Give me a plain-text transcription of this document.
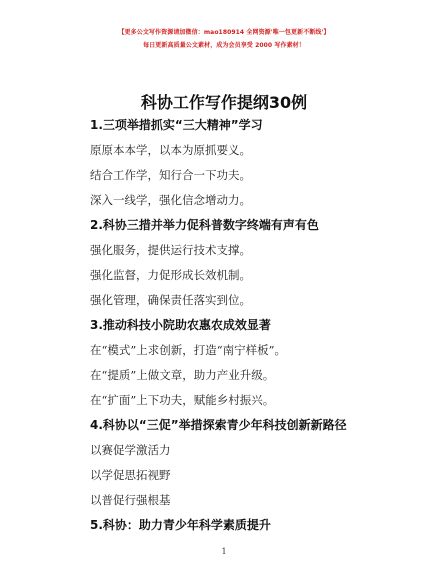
【更多公文写作资源请加微信：mao180914 全网资源'唯一包更新不断线'】
每日更新高质量公文素材，成为会员享受 2000 写作素材！
科协工作写作提纲30例
1.三项举措抓实“三大精神”学习
原原本本学，以本为原抓要义。
结合工作学，知行合一下功夫。
深入一线学，强化信念增动力。
2.科协三措并举力促科普数字终端有声有色
强化服务，提供运行技术支撑。
强化监督，力促形成长效机制。
强化管理，确保责任落实到位。
3.推动科技小院助农惠农成效显著
在“模式”上求创新，打造“南宁样板”。
在“提质”上做文章，助力产业升级。
在“扩面”上下功夫，赋能乡村振兴。
4.科协以“三促”举措探索青少年科技创新新路径
以赛促学激活力
以学促思拓视野
以普促行强根基
5.科协：助力青少年科学素质提升
1
